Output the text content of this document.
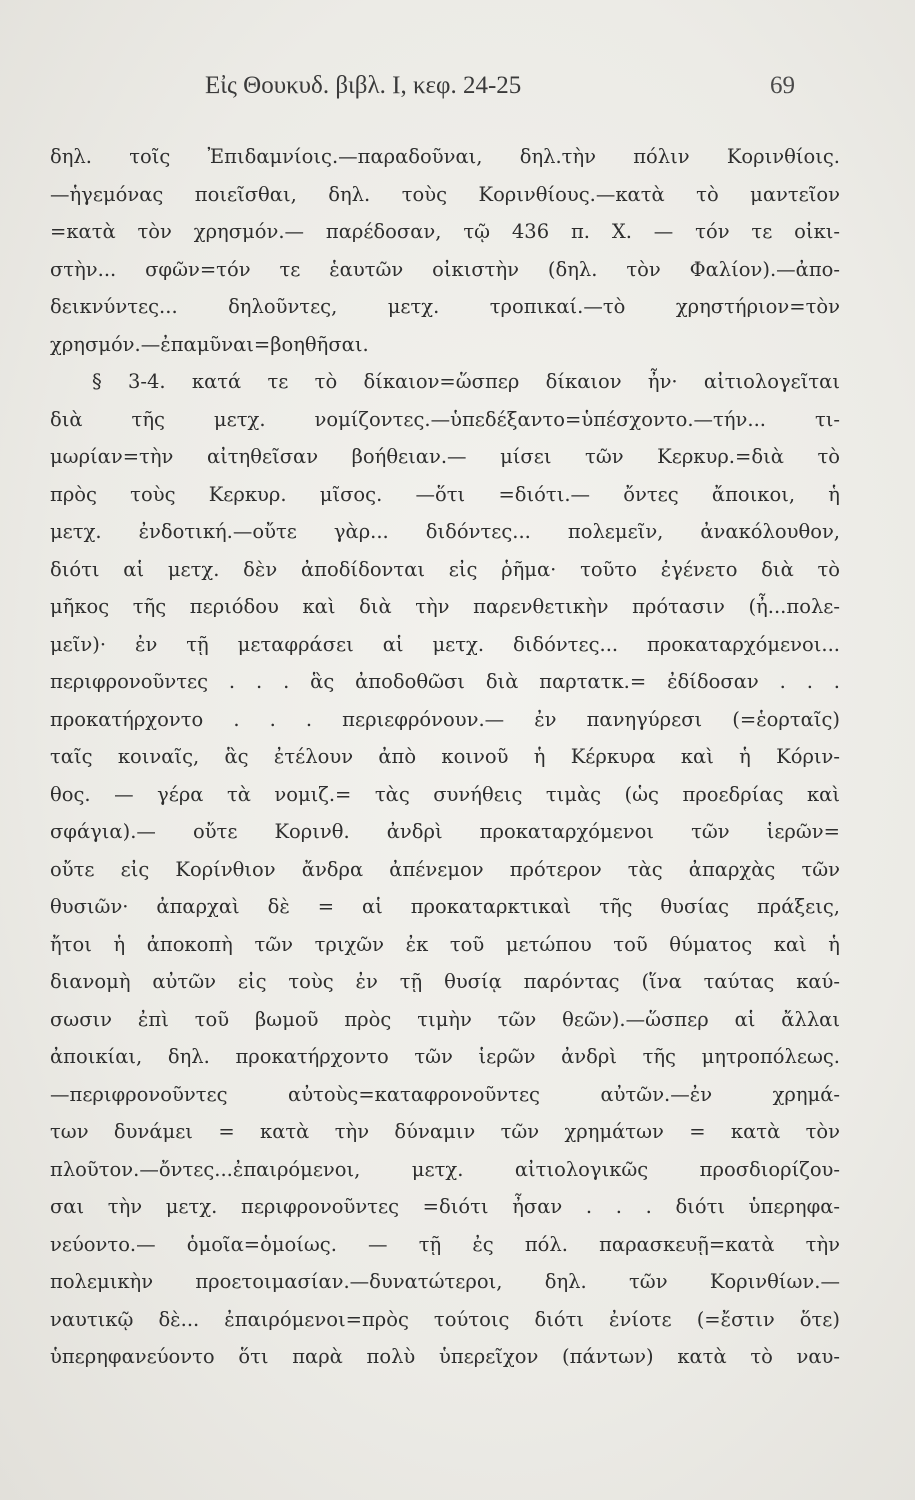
Εἰς Θουκυδ. βιβλ. Ι, κεφ. 24-25	69
δηλ. τοῖς Ἐπιδαμνίοις.—παραδοῦναι, δηλ.τὴν πόλιν Κορινθίοις.
—ἡγεμόνας ποιεῖσθαι, δηλ. τοὺς Κορινθίους.—κατὰ τὸ μαντεῖον
=κατὰ τὸν χρησμόν.— παρέδοσαν, τῷ 436 π. Χ. — τόν τε οἰκι-
στὴν... σφῶν=τόν τε ἑαυτῶν οἰκιστὴν (δηλ. τὸν Φαλίον).—ἀπο-
δεικνύντες... δηλοῦντες, μετχ. τροπικαί.—τὸ χρηστήριον=τὸν
χρησμόν.—ἐπαμῦναι=βοηθῆσαι.
§ 3-4. κατά τε τὸ δίκαιον=ὥσπερ δίκαιον ἦν· αἰτιολογεῖται
διὰ τῆς μετχ. νομίζοντες.—ὑπεδέξαντο=ὑπέσχοντο.—τήν... τι-
μωρίαν=τὴν αἰτηθεῖσαν βοήθειαν.— μίσει τῶν Κερκυρ.=διὰ τὸ
πρὸς τοὺς Κερκυρ. μῖσος. —ὅτι =διότι.— ὄντες ἄποικοι, ἡ
μετχ. ἐνδοτική.—οὔτε γὰρ... διδόντες... πολεμεῖν, ἀνακόλουθον,
διότι αἱ μετχ. δὲν ἀποδίδονται εἰς ῥῆμα· τοῦτο ἐγένετο διὰ τὸ
μῆκος τῆς περιόδου καὶ διὰ τὴν παρενθετικὴν πρότασιν (ἦ...πολε-
μεῖν)· ἐν τῇ μεταφράσει αἱ μετχ. διδόντες... προκαταρχόμενοι...
περιφρονοῦντες . . . ἃς ἀποδοθῶσι διὰ παρτατκ.= ἐδίδοσαν . . .
προκατήρχοντο . . . περιεφρόνουν.— ἐν πανηγύρεσι (=ἑορταῖς)
ταῖς κοιναῖς, ἃς ἐτέλουν ἀπὸ κοινοῦ ἡ Κέρκυρα καὶ ἡ Κόριν-
θος. — γέρα τὰ νομιζ.= τὰς συνήθεις τιμὰς (ὡς προεδρίας καὶ
σφάγια).— οὔτε Κορινθ. ἀνδρὶ προκαταρχόμενοι τῶν ἱερῶν=
οὔτε εἰς Κορίνθιον ἄνδρα ἀπένεμον πρότερον τὰς ἀπαρχὰς τῶν
θυσιῶν· ἀπαρχαὶ δὲ = αἱ προκαταρκτικαὶ τῆς θυσίας πράξεις,
ἤτοι ἡ ἀποκοπὴ τῶν τριχῶν ἐκ τοῦ μετώπου τοῦ θύματος καὶ ἡ
διανομὴ αὐτῶν εἰς τοὺς ἐν τῇ θυσίᾳ παρόντας (ἵνα ταύτας καύ-
σωσιν ἐπὶ τοῦ βωμοῦ πρὸς τιμὴν τῶν θεῶν).—ὥσπερ αἱ ἄλλαι
ἀποικίαι, δηλ. προκατήρχοντο τῶν ἱερῶν ἀνδρὶ τῆς μητροπόλεως.
—περιφρονοῦντες αὐτοὺς=καταφρονοῦντες αὐτῶν.—ἐν χρημά-
των δυνάμει = κατὰ τὴν δύναμιν τῶν χρημάτων = κατὰ τὸν
πλοῦτον.—ὄντες...ἐπαιρόμενοι, μετχ. αἰτιολογικῶς προσδιορίζου-
σαι τὴν μετχ. περιφρονοῦντες =διότι ἦσαν . . . διότι ὑπερηφα-
νεύοντο.— ὁμοῖα=ὁμοίως. — τῇ ἐς πόλ. παρασκευῇ=κατὰ τὴν
πολεμικὴν προετοιμασίαν.—δυνατώτεροι, δηλ. τῶν Κορινθίων.—
ναυτικῷ δὲ... ἐπαιρόμενοι=πρὸς τούτοις διότι ἐνίοτε (=ἔστιν ὅτε)
ὑπερηφανεύοντο ὅτι παρὰ πολὺ ὑπερεῖχον (πάντων) κατὰ τὸ ναυ-
